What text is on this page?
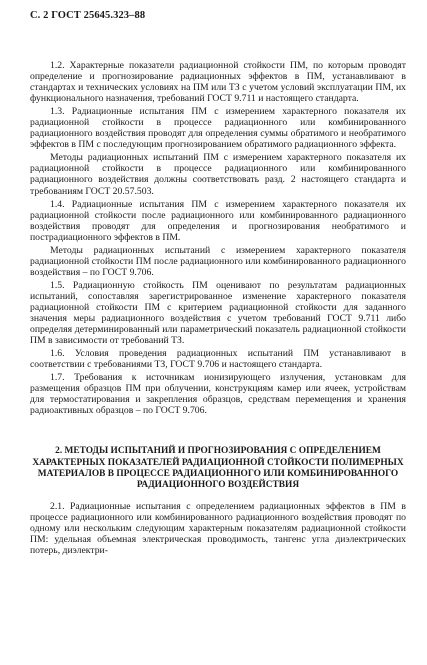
С. 2 ГОСТ 25645.323–88

1.2. Характерные показатели радиационной стойкости ПМ, по которым проводят определение и прогнозирование радиационных эффектов в ПМ, устанавливают в стандартах и технических условиях на ПМ или ТЗ с учетом условий эксплуатации ПМ, их функционального назначения, требований ГОСТ 9.711 и настоящего стандарта.

1.3. Радиационные испытания ПМ с измерением характерного показателя их радиационной стойкости в процессе радиационного или комбинированного радиационного воздействия проводят для определения суммы обратимого и необратимого эффектов в ПМ с последующим прогнозированием обратимого радиационного эффекта.

Методы радиационных испытаний ПМ с измерением характерного показателя их радиационной стойкости в процессе радиационного или комбинированного радиационного воздействия должны соответствовать разд. 2 настоящего стандарта и требованиям ГОСТ 20.57.503.

1.4. Радиационные испытания ПМ с измерением характерного показателя их радиационной стойкости после радиационного или комбинированного радиационного воздействия проводят для определения и прогнозирования необратимого и пострадиационного эффектов в ПМ.

Методы радиационных испытаний с измерением характерного показателя радиационной стойкости ПМ после радиационного или комбинированного радиационного воздействия – по ГОСТ 9.706.

1.5. Радиационную стойкость ПМ оценивают по результатам радиационных испытаний, сопоставляя зарегистрированное изменение характерного показателя радиационной стойкости ПМ с критерием радиационной стойкости для заданного значения меры радиационного воздействия с учетом требований ГОСТ 9.711 либо определяя детерминированный или параметрический показатель радиационной стойкости ПМ в зависимости от требований ТЗ.

1.6. Условия проведения радиационных испытаний ПМ устанавливают в соответствии с требованиями ТЗ, ГОСТ 9.706 и настоящего стандарта.

1.7. Требования к источникам ионизирующего излучения, установкам для размещения образцов ПМ при облучении, конструкциям камер или ячеек, устройствам для термостатирования и закрепления образцов, средствам перемещения и хранения радиоактивных образцов – по ГОСТ 9.706.

2. МЕТОДЫ ИСПЫТАНИЙ И ПРОГНОЗИРОВАНИЯ С ОПРЕДЕЛЕНИЕМ ХАРАКТЕРНЫХ ПОКАЗАТЕЛЕЙ РАДИАЦИОННОЙ СТОЙКОСТИ ПОЛИМЕРНЫХ МАТЕРИАЛОВ В ПРОЦЕССЕ РАДИАЦИОННОГО ИЛИ КОМБИНИРОВАННОГО РАДИАЦИОННОГО ВОЗДЕЙСТВИЯ

2.1. Радиационные испытания с определением радиационных эффектов в ПМ в процессе радиационного или комбинированного радиационного воздействия проводят по одному или нескольким следующим характерным показателям радиационной стойкости ПМ: удельная объемная электрическая проводимость, тангенс угла диэлектрических потерь, диэлектри-
